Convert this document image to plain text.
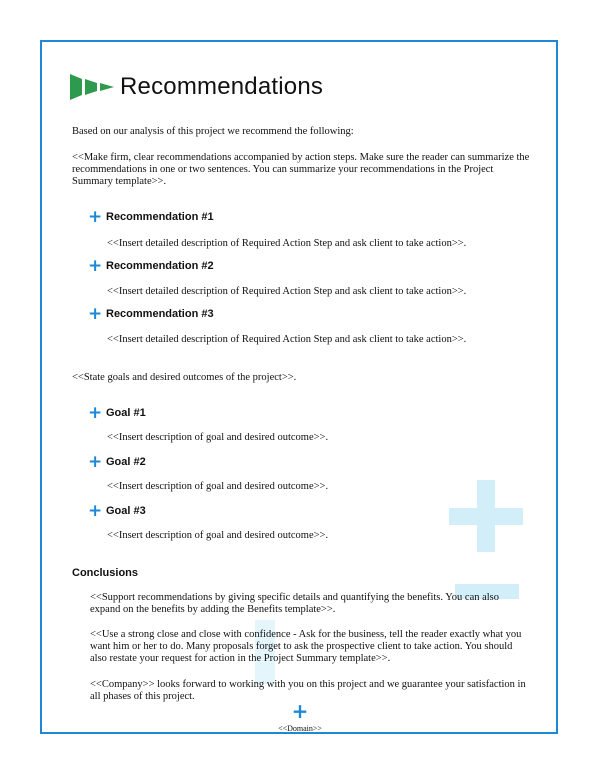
Recommendations
Based on our analysis of this project we recommend the following:
<<Make firm, clear recommendations accompanied by action steps. Make sure the reader can summarize the recommendations in one or two sentences. You can summarize your recommendations in the Project Summary template>>.
+ Recommendation #1
<<Insert detailed description of Required Action Step and ask client to take action>>.
+ Recommendation #2
<<Insert detailed description of Required Action Step and ask client to take action>>.
+ Recommendation #3
<<Insert detailed description of Required Action Step and ask client to take action>>.
<<State goals and desired outcomes of the project>>.
+ Goal #1
<<Insert description of goal and desired outcome>>.
+ Goal #2
<<Insert description of goal and desired outcome>>.
+ Goal #3
<<Insert description of goal and desired outcome>>.
Conclusions
<<Support recommendations by giving specific details and quantifying the benefits. You can also expand on the benefits by adding the Benefits template>>.
<<Use a strong close and close with confidence - Ask for the business, tell the reader exactly what you want him or her to do. Many proposals forget to ask the prospective client to take action. You should also restate your request for action in the Project Summary template>>.
<<Company>> looks forward to working with you on this project and we guarantee your satisfaction in all phases of this project.
+
<<Domain>>
